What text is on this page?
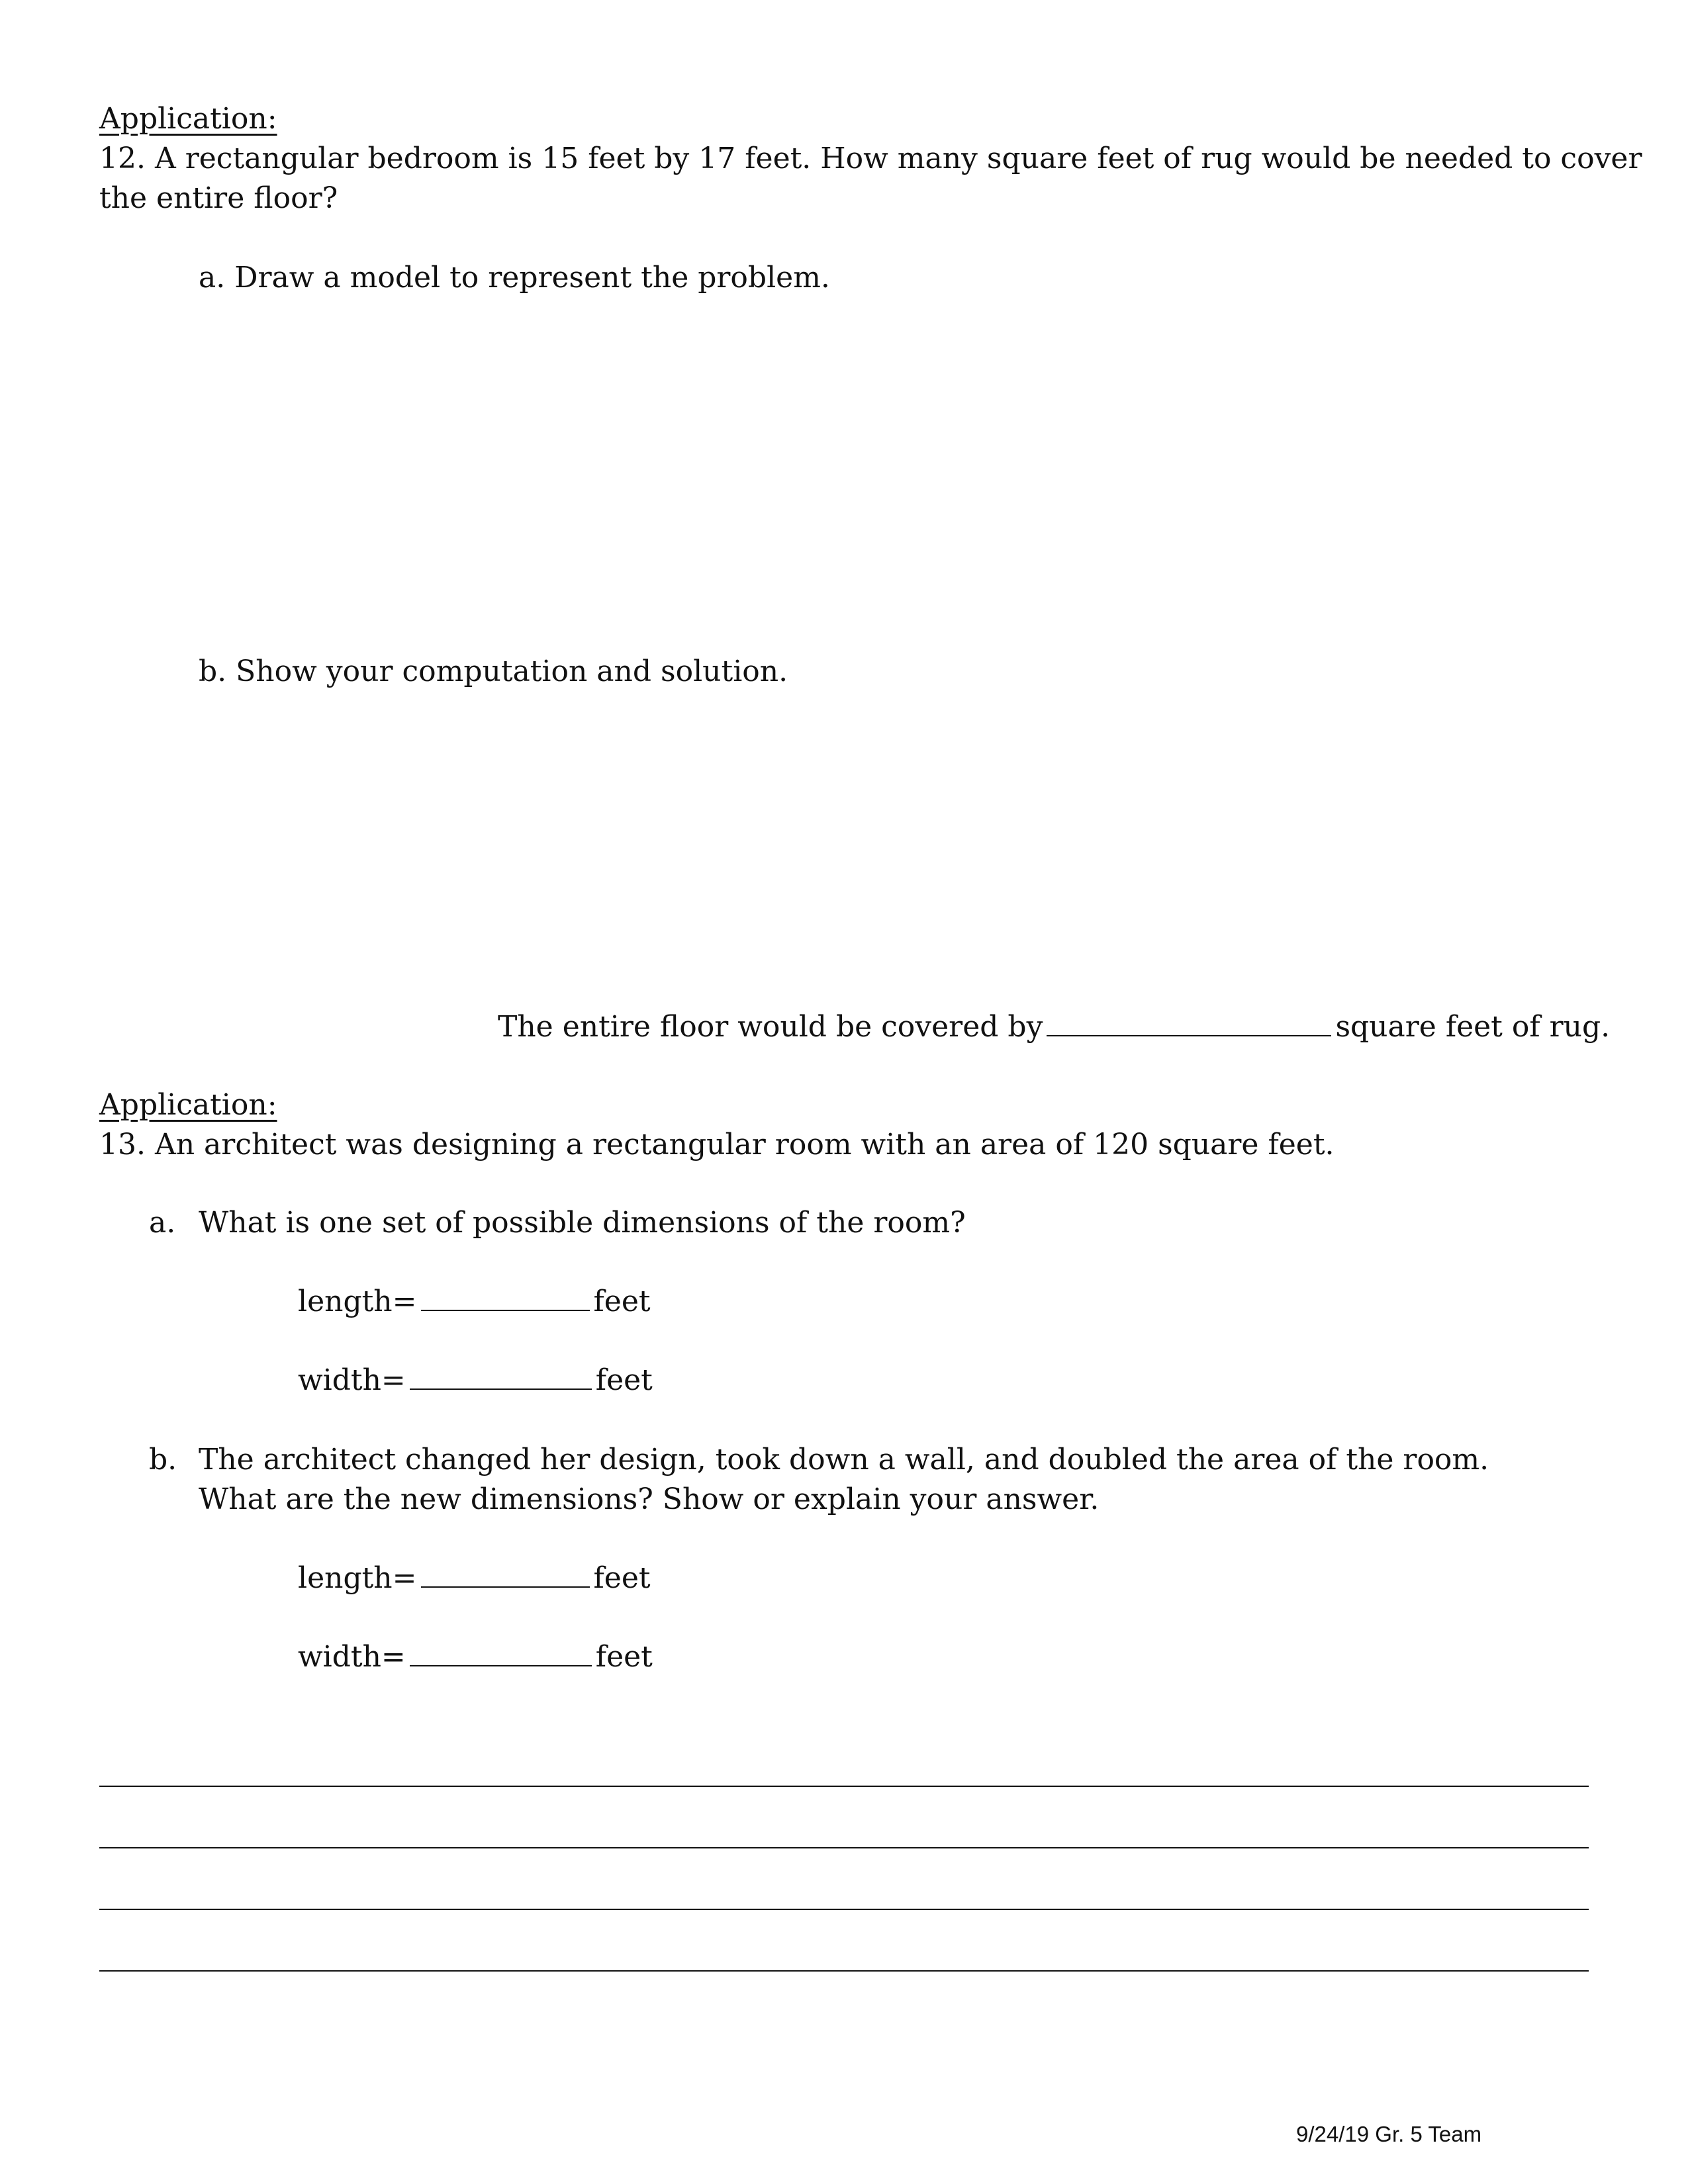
Application:
12. A rectangular bedroom is 15 feet by 17 feet. How many square feet of rug would be needed to cover
the entire floor?
a. Draw a model to represent the problem.
b. Show your computation and solution.
The entire floor would be covered by	square feet of rug.
Application:
13. An architect was designing a rectangular room with an area of 120 square feet.
a. What is one set of possible dimensions of the room?
length=	feet
width=	feet
b. The architect changed her design, took down a wall, and doubled the area of the room.
What are the new dimensions? Show or explain your answer.
length=	feet
width=	feet
9/24/19 Gr. 5 Team
